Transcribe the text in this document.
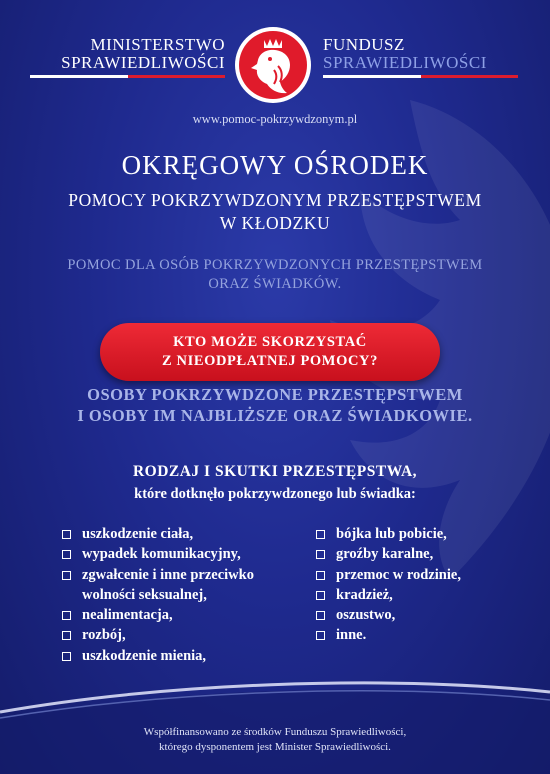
MINISTERSTWO
SPRAWIEDLIWOŚCI
FUNDUSZ
SPRAWIEDLIWOŚCI
www.pomoc-pokrzywdzonym.pl
OKRĘGOWY OŚRODEK
POMOCY POKRZYWDZONYM PRZESTĘPSTWEM
W KŁODZKU
POMOC DLA OSÓB POKRZYWDZONYCH PRZESTĘPSTWEM
ORAZ ŚWIADKÓW.
KTO MOŻE SKORZYSTAĆ
Z NIEODPŁATNEJ POMOCY?
OSOBY POKRZYWDZONE PRZESTĘPSTWEM
I OSOBY IM NAJBLIŻSZE ORAZ ŚWIADKOWIE.
RODZAJ I SKUTKI PRZESTĘPSTWA,
które dotknęło pokrzywdzonego lub świadka:
uszkodzenie ciała,
wypadek komunikacyjny,
zgwałcenie i inne przeciwko
wolności seksualnej,
nealimentacja,
rozbój,
uszkodzenie mienia,
bójka lub pobicie,
groźby karalne,
przemoc w rodzinie,
kradzież,
oszustwo,
inne.
Współfinansowano ze środków Funduszu Sprawiedliwości,
którego dysponentem jest Minister Sprawiedliwości.
